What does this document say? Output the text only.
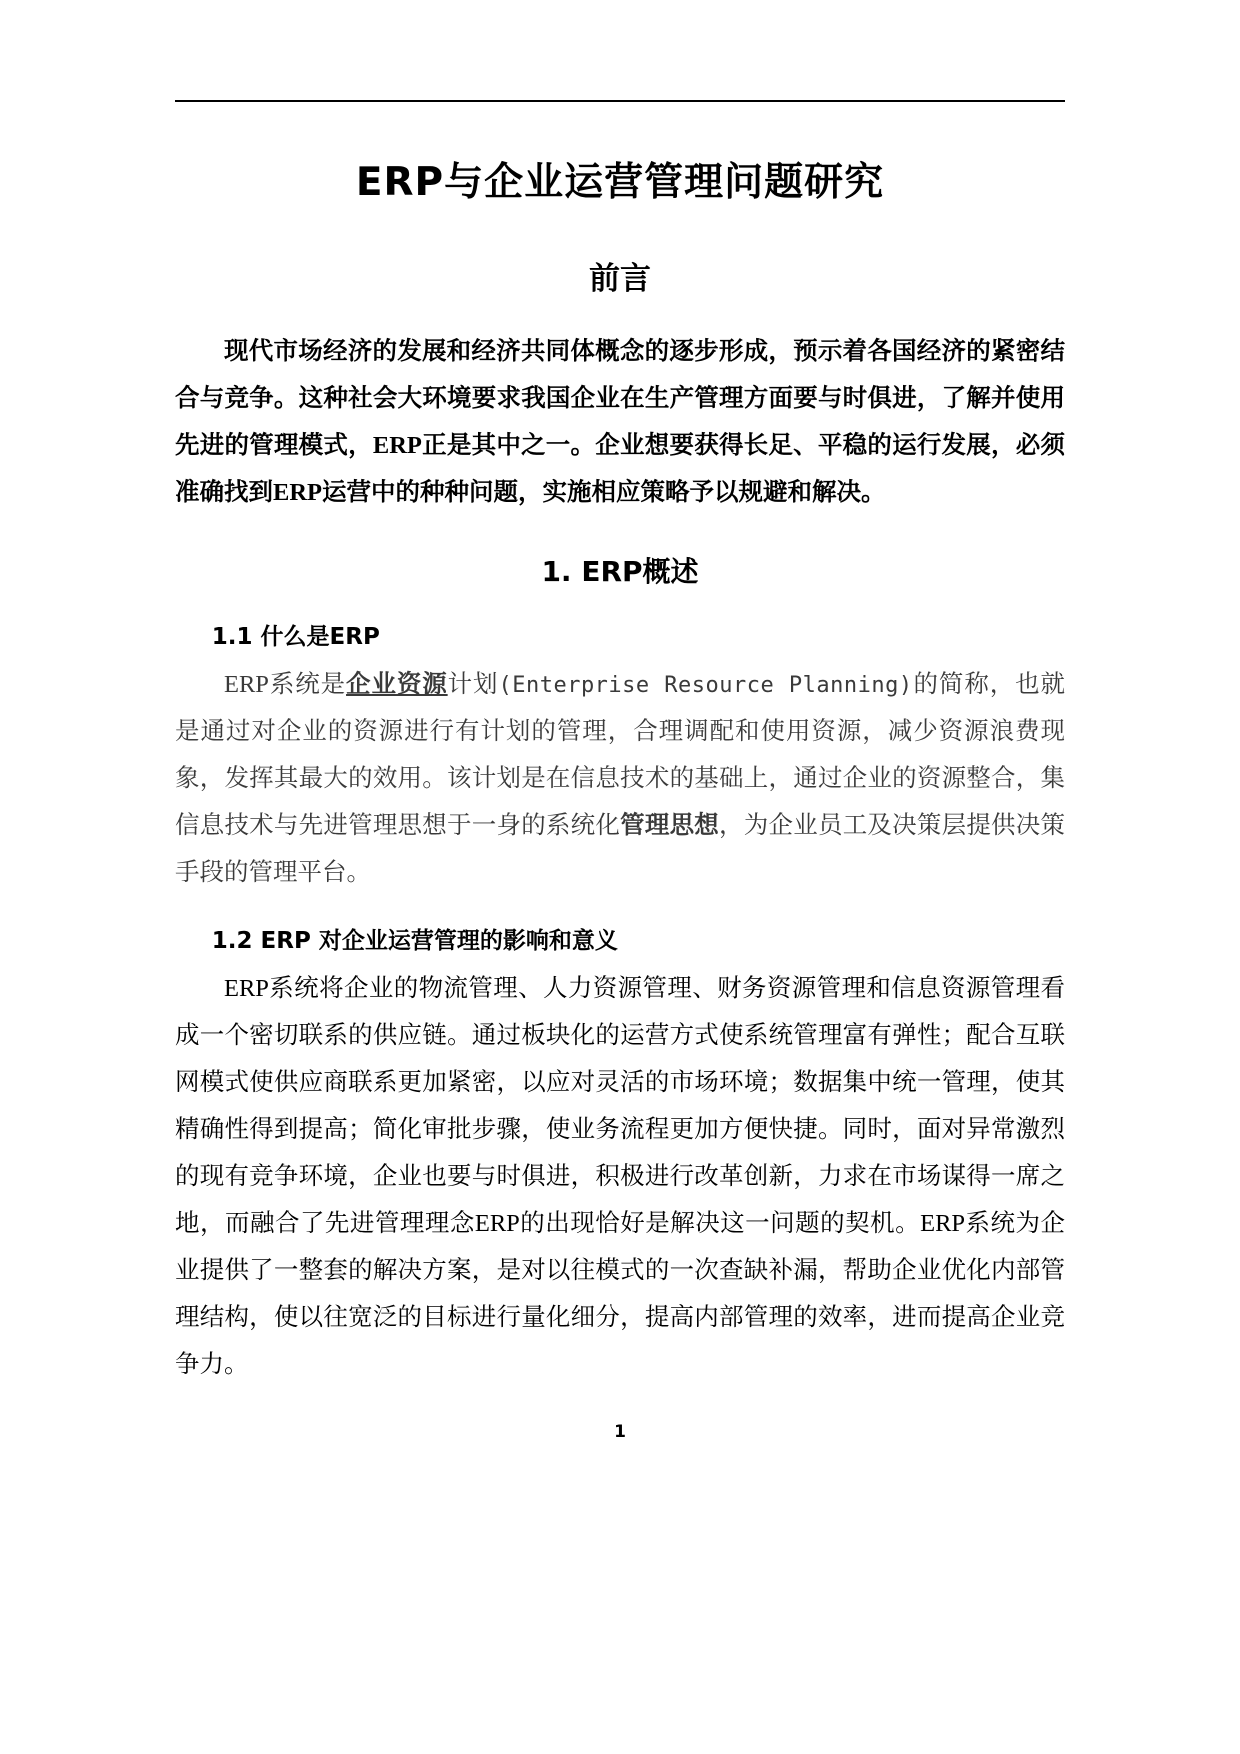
ERP与企业运营管理问题研究
前言

现代市场经济的发展和经济共同体概念的逐步形成，预示着各国经济的紧密结合与竞争。这种社会大环境要求我国企业在生产管理方面要与时俱进，了解并使用先进的管理模式，ERP正是其中之一。企业想要获得长足、平稳的运行发展，必须准确找到ERP运营中的种种问题，实施相应策略予以规避和解决。

1. ERP概述
1.1 什么是ERP

ERP系统是企业资源计划(Enterprise Resource Planning)的简称，也就是通过对企业的资源进行有计划的管理，合理调配和使用资源，减少资源浪费现象，发挥其最大的效用。该计划是在信息技术的基础上，通过企业的资源整合，集信息技术与先进管理思想于一身的系统化管理思想，为企业员工及决策层提供决策手段的管理平台。

1.2 ERP 对企业运营管理的影响和意义

ERP系统将企业的物流管理、人力资源管理、财务资源管理和信息资源管理看成一个密切联系的供应链。通过板块化的运营方式使系统管理富有弹性；配合互联网模式使供应商联系更加紧密，以应对灵活的市场环境；数据集中统一管理，使其精确性得到提高；简化审批步骤，使业务流程更加方便快捷。同时，面对异常激烈的现有竞争环境，企业也要与时俱进，积极进行改革创新，力求在市场谋得一席之地，而融合了先进管理理念ERP的出现恰好是解决这一问题的契机。ERP系统为企业提供了一整套的解决方案，是对以往模式的一次查缺补漏，帮助企业优化内部管理结构，使以往宽泛的目标进行量化细分，提高内部管理的效率，进而提高企业竞争力。

1
